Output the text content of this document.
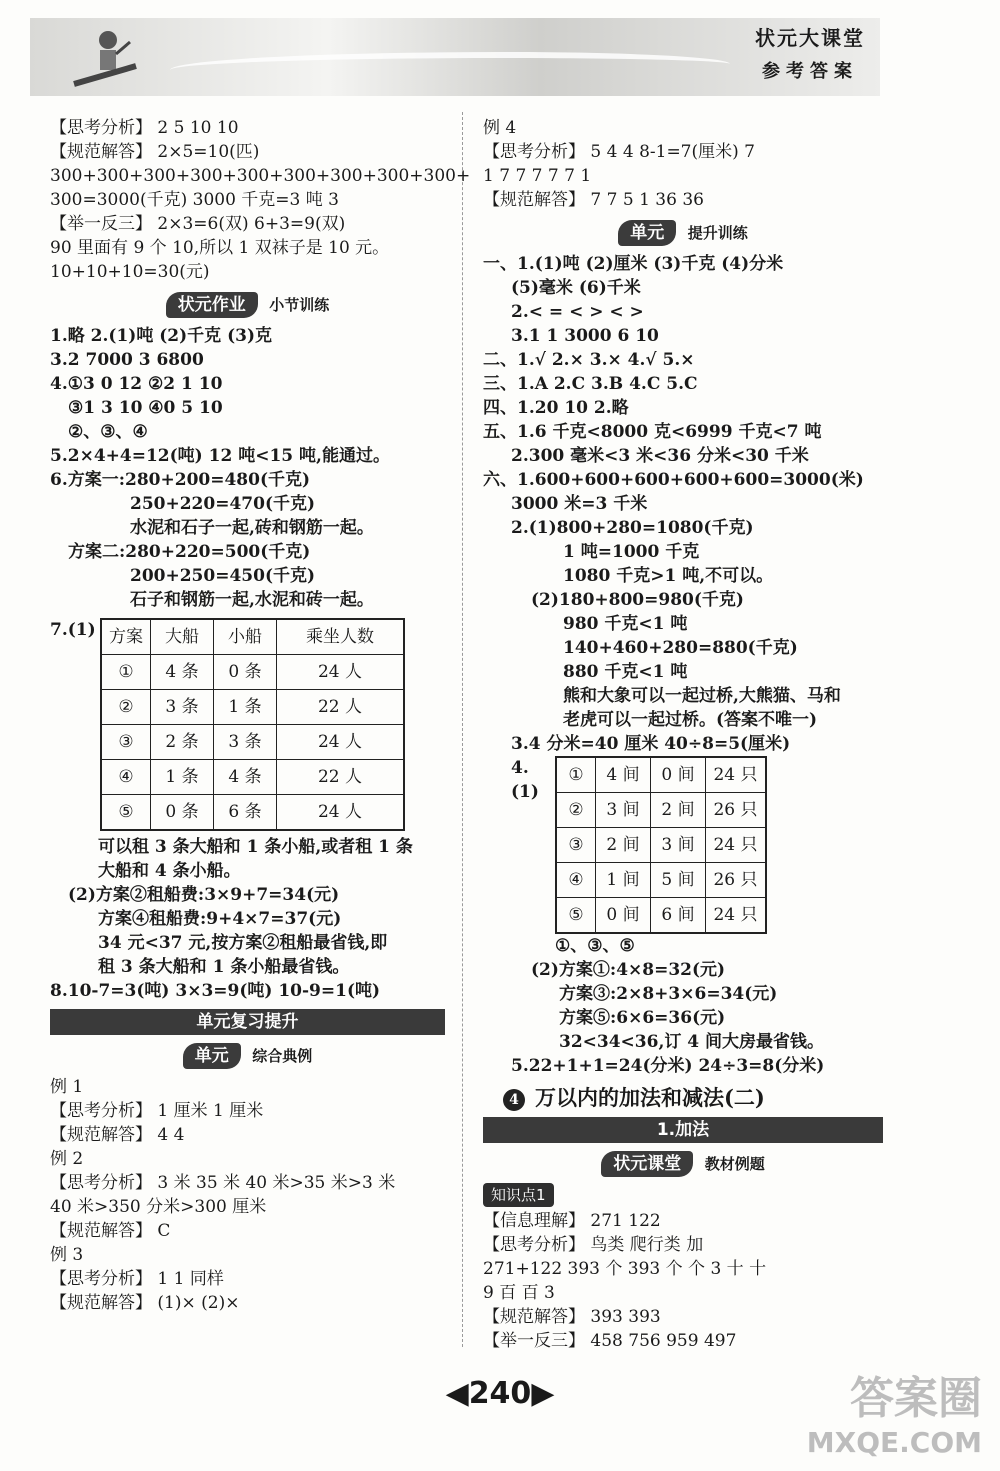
状元大课堂
参考答案
【思考分析】 2 5 10 10
【规范解答】 2×5=10(匹)
300+300+300+300+300+300+300+300+300+
300=3000(千克) 3000 千克=3 吨 3
【举一反三】 2×3=6(双) 6+3=9(双)
90 里面有 9 个 10,所以 1 双袜子是 10 元。
10+10+10=30(元)
状元作业 小节训练
1.略 2.(1)吨 (2)千克 (3)克
3.2 7000 3 6800
4.①3 0 12 ②2 1 10
③1 3 10 ④0 5 10
②、③、④
5.2×4+4=12(吨) 12 吨<15 吨,能通过。
6.方案一:280+200=480(千克)
250+220=470(千克)
水泥和石子一起,砖和钢筋一起。
方案二:280+220=500(千克)
200+250=450(千克)
石子和钢筋一起,水泥和砖一起。
7.(1) 方案	大船	小船	乘坐人数
①	4 条	0 条	24 人
②	3 条	1 条	22 人
③	2 条	3 条	24 人
④	1 条	4 条	22 人
⑤	0 条	6 条	24 人
可以租 3 条大船和 1 条小船,或者租 1 条
大船和 4 条小船。
(2)方案②租船费:3×9+7=34(元)
方案④租船费:9+4×7=37(元)
34 元<37 元,按方案②租船最省钱,即
租 3 条大船和 1 条小船最省钱。
8.10-7=3(吨) 3×3=9(吨) 10-9=1(吨)
单元复习提升
单元 综合典例
例 1
【思考分析】 1 厘米 1 厘米
【规范解答】 4 4
例 2
【思考分析】 3 米 35 米 40 米>35 米>3 米
40 米>350 分米>300 厘米
【规范解答】 C
例 3
【思考分析】 1 1 同样
【规范解答】 (1)× (2)×
例 4
【思考分析】 5 4 4 8-1=7(厘米) 7
1 7 7 7 7 7 1
【规范解答】 7 7 5 1 36 36
单元 提升训练
一、1.(1)吨 (2)厘米 (3)千克 (4)分米
(5)毫米 (6)千米
2.< = < > < >
3.1 1 3000 6 10
二、1.√ 2.× 3.× 4.√ 5.×
三、1.A 2.C 3.B 4.C 5.C
四、1.20 10 2.略
五、1.6 千克<8000 克<6999 千克<7 吨
2.300 毫米<3 米<36 分米<30 千米
六、1.600+600+600+600+600=3000(米)
3000 米=3 千米
2.(1)800+280=1080(千克)
1 吨=1000 千克
1080 千克>1 吨,不可以。
(2)180+800=980(千克)
980 千克<1 吨
140+460+280=880(千克)
880 千克<1 吨
熊和大象可以一起过桥,大熊猫、马和
老虎可以一起过桥。(答案不唯一)
3.4 分米=40 厘米 40÷8=5(厘米)
4.(1)
①	4 间	0 间	24 只
②	3 间	2 间	26 只
③	2 间	3 间	24 只
④	1 间	5 间	26 只
⑤	0 间	6 间	24 只
①、③、⑤
(2)方案①:4×8=32(元)
方案③:2×8+3×6=34(元)
方案⑤:6×6=36(元)
32<34<36,订 4 间大房最省钱。
5.22+1+1=24(分米) 24÷3=8(分米)
4 万以内的加法和减法(二)
1.加法
状元课堂 教材例题
知识点1
【信息理解】 271 122
【思考分析】 鸟类 爬行类 加
271+122 393 个 393 个 个 3 十 十
9 百 百 3
【规范解答】 393 393
【举一反三】 458 756 959 497
◀240▶	答案圈
MXQE.COM
